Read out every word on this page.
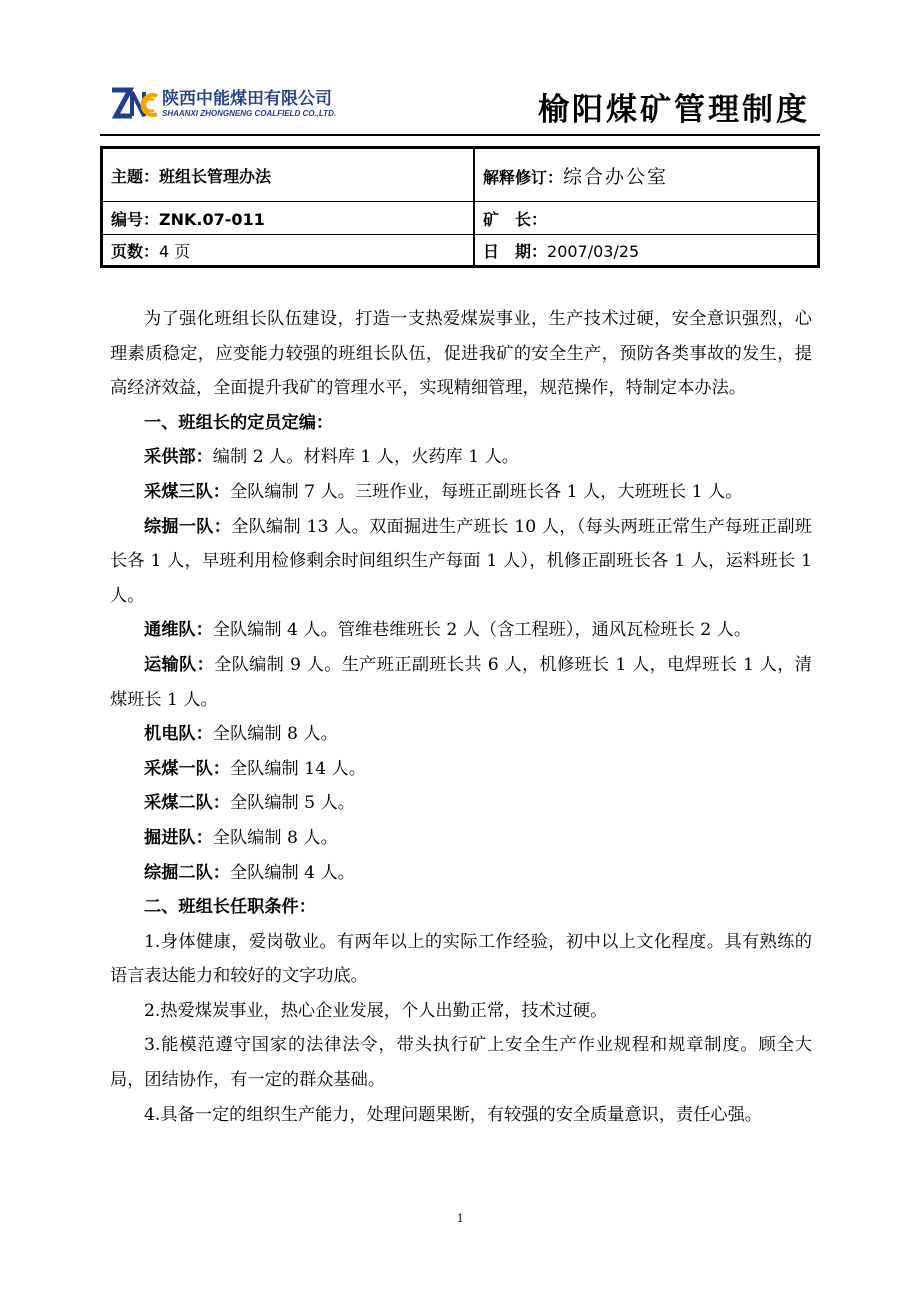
陕西中能煤田有限公司
SHAANXI ZHONGNENG COALFIELD CO.,LTD.	榆阳煤矿管理制度
主题：班组长管理办法	解释修订：综合办公室
编号：ZNK.07-011	矿　长：
页数：4 页	日　期：2007/03/25

为了强化班组长队伍建设，打造一支热爱煤炭事业，生产技术过硬，安全意识强烈，心理素质稳定，应变能力较强的班组长队伍，促进我矿的安全生产，预防各类事故的发生，提高经济效益，全面提升我矿的管理水平，实现精细管理，规范操作，特制定本办法。

一、班组长的定员定编：

采供部：编制 2 人。材料库 1 人，火药库 1 人。

采煤三队：全队编制 7 人。三班作业，每班正副班长各 1 人，大班班长 1 人。

综掘一队：全队编制 13 人。双面掘进生产班长 10 人，（每头两班正常生产每班正副班长各 1 人，早班利用检修剩余时间组织生产每面 1 人），机修正副班长各 1 人，运料班长 1 人。

通维队：全队编制 4 人。管维巷维班长 2 人（含工程班），通风瓦检班长 2 人。

运输队：全队编制 9 人。生产班正副班长共 6 人，机修班长 1 人，电焊班长 1 人，清煤班长 1 人。

机电队：全队编制 8 人。

采煤一队：全队编制 14 人。

采煤二队：全队编制 5 人。

掘进队：全队编制 8 人。

综掘二队：全队编制 4 人。

二、班组长任职条件：

1.身体健康，爱岗敬业。有两年以上的实际工作经验，初中以上文化程度。具有熟练的语言表达能力和较好的文字功底。

2.热爱煤炭事业，热心企业发展，个人出勤正常，技术过硬。

3.能模范遵守国家的法律法令，带头执行矿上安全生产作业规程和规章制度。顾全大局，团结协作，有一定的群众基础。

4.具备一定的组织生产能力，处理问题果断，有较强的安全质量意识，责任心强。

1
